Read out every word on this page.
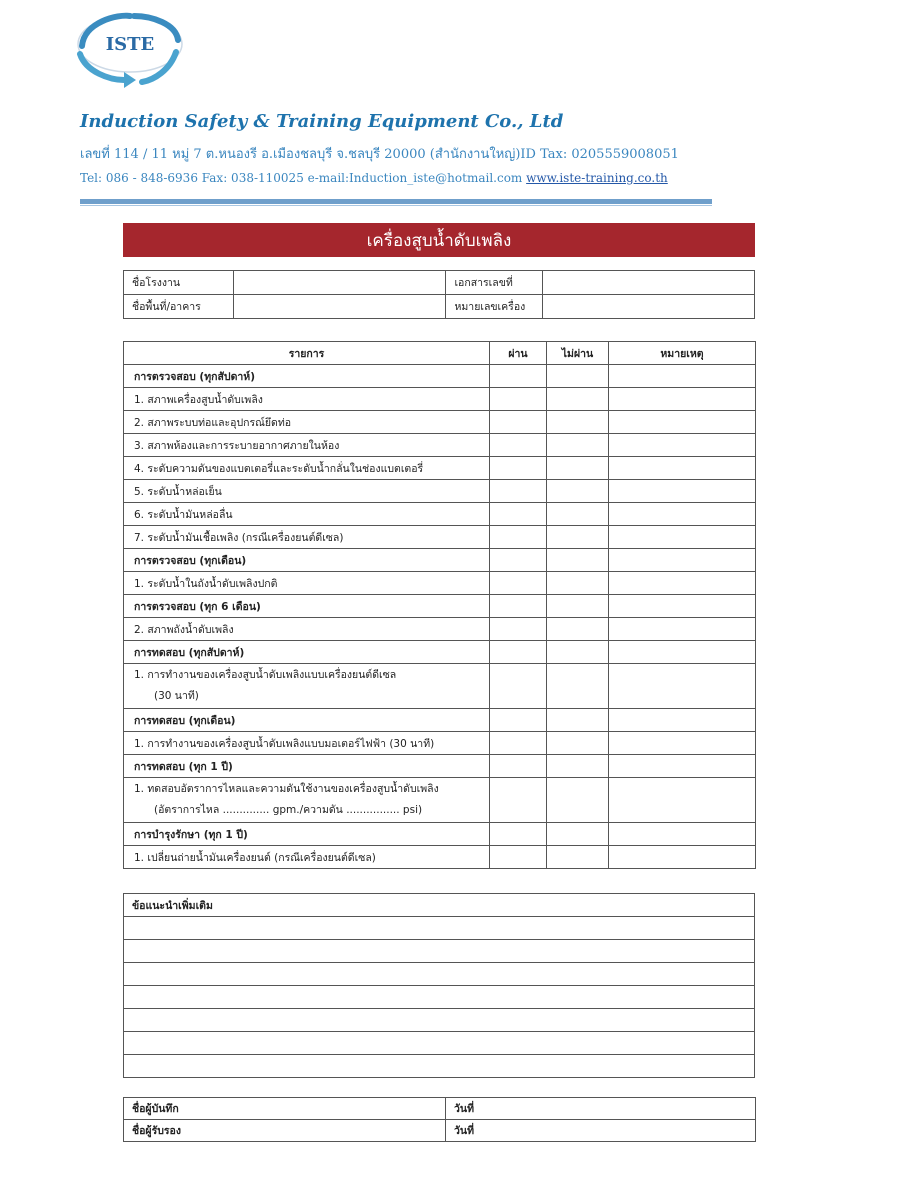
ISTE
Induction Safety & Training Equipment Co., Ltd
เลขที่ 114 / 11 หมู่ 7 ต.หนองรี อ.เมืองชลบุรี จ.ชลบุรี 20000 (สำนักงานใหญ่)ID Tax: 0205559008051
Tel: 086 - 848-6936 Fax: 038-110025 e-mail:Induction_iste@hotmail.com www.iste-training.co.th
เครื่องสูบน้ำดับเพลิง
ชื่อโรงงาน		เอกสารเลขที่	
ชื่อพื้นที่/อาคาร		หมายเลขเครื่อง	
รายการ	ผ่าน	ไม่ผ่าน	หมายเหตุ
การตรวจสอบ (ทุกสัปดาห์)			
1. สภาพเครื่องสูบน้ำดับเพลิง			
2. สภาพระบบท่อและอุปกรณ์ยึดท่อ			
3. สภาพห้องและการระบายอากาศภายในห้อง			
4. ระดับความดันของแบตเตอรี่และระดับน้ำกลั่นในช่องแบตเตอรี่			
5. ระดับน้ำหล่อเย็น			
6. ระดับน้ำมันหล่อลื่น			
7. ระดับน้ำมันเชื้อเพลิง (กรณีเครื่องยนต์ดีเซล)			
การตรวจสอบ (ทุกเดือน)			
1. ระดับน้ำในถังน้ำดับเพลิงปกติ			
การตรวจสอบ (ทุก 6 เดือน)			
2. สภาพถังน้ำดับเพลิง			
การทดสอบ (ทุกสัปดาห์)			

1. การทำงานของเครื่องสูบน้ำดับเพลิงแบบเครื่องยนต์ดีเซล
(30 นาที)			

การทดสอบ (ทุกเดือน)			
1. การทำงานของเครื่องสูบน้ำดับเพลิงแบบมอเตอร์ไฟฟ้า (30 นาที)			
การทดสอบ (ทุก 1 ปี)			

1. ทดสอบอัตราการไหลและความดันใช้งานของเครื่องสูบน้ำดับเพลิง
(อัตราการไหล .............. gpm./ความดัน ................ psi)			

การบำรุงรักษา (ทุก 1 ปี)			
1. เปลี่ยนถ่ายน้ำมันเครื่องยนต์ (กรณีเครื่องยนต์ดีเซล)			
ข้อแนะนำเพิ่มเติม

ชื่อผู้บันทึก	วันที่
ชื่อผู้รับรอง	วันที่
